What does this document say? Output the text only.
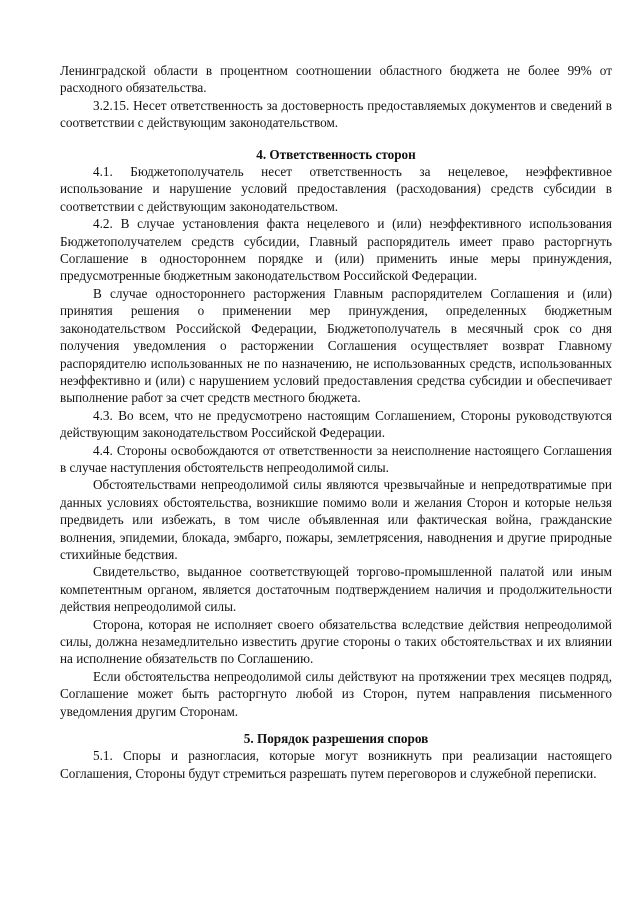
Ленинградской области в процентном соотношении областного бюджета не более 99% от расходного обязательства.

3.2.15. Несет ответственность за достоверность предоставляемых документов и сведений в соответствии с действующим законодательством.

4. Ответственность сторон

4.1. Бюджетополучатель несет ответственность за нецелевое, неэффективное использование и нарушение условий предоставления (расходования) средств субсидии в соответствии с действующим законодательством.

4.2. В случае установления факта нецелевого и (или) неэффективного использования Бюджетополучателем средств субсидии, Главный распорядитель имеет право расторгнуть Соглашение в одностороннем порядке и (или) применить иные меры принуждения, предусмотренные бюджетным законодательством Российской Федерации.

В случае одностороннего расторжения Главным распорядителем Соглашения и (или) принятия решения о применении мер принуждения, определенных бюджетным законодательством Российской Федерации, Бюджетополучатель в месячный срок со дня получения уведомления о расторжении Соглашения осуществляет возврат Главному распорядителю использованных не по назначению, не использованных средств, использованных неэффективно и (или) с нарушением условий предоставления средства субсидии и обеспечивает выполнение работ за счет средств местного бюджета.

4.3. Во всем, что не предусмотрено настоящим Соглашением, Стороны руководствуются действующим законодательством Российской Федерации.

4.4. Стороны освобождаются от ответственности за неисполнение настоящего Соглашения в случае наступления обстоятельств непреодолимой силы.

Обстоятельствами непреодолимой силы являются чрезвычайные и непредотвратимые при данных условиях обстоятельства, возникшие помимо воли и желания Сторон и которые нельзя предвидеть или избежать, в том числе объявленная или фактическая война, гражданские волнения, эпидемии, блокада, эмбарго, пожары, землетрясения, наводнения и другие природные стихийные бедствия.

Свидетельство, выданное соответствующей торгово-промышленной палатой или иным компетентным органом, является достаточным подтверждением наличия и продолжительности действия непреодолимой силы.

Сторона, которая не исполняет своего обязательства вследствие действия непреодолимой силы, должна незамедлительно известить другие стороны о таких обстоятельствах и их влиянии на исполнение обязательств по Соглашению.

Если обстоятельства непреодолимой силы действуют на протяжении трех месяцев подряд, Соглашение может быть расторгнуто любой из Сторон, путем направления письменного уведомления другим Сторонам.

5. Порядок разрешения споров

5.1. Споры и разногласия, которые могут возникнуть при реализации настоящего Соглашения, Стороны будут стремиться разрешать путем переговоров и служебной переписки.
